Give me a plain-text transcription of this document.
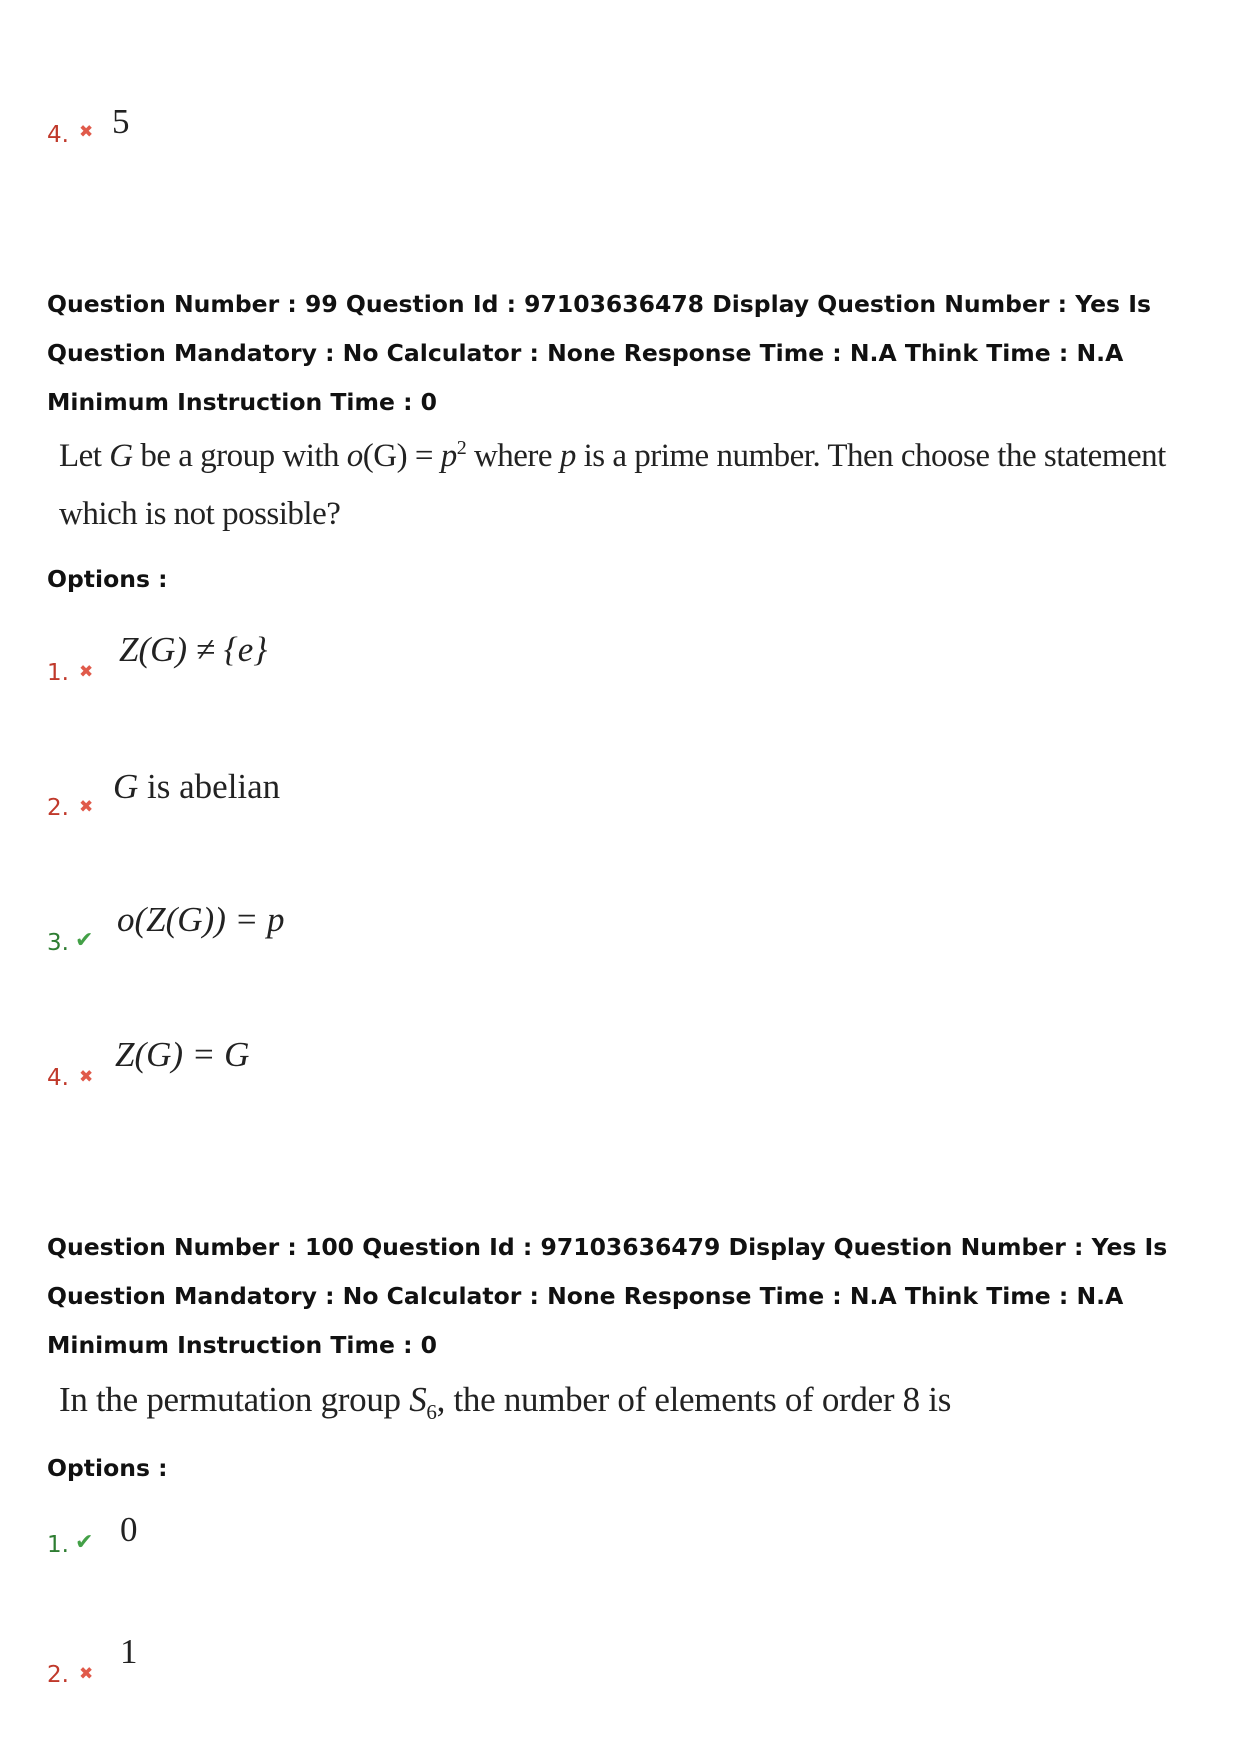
4. ✖ 5
Question Number : 99 Question Id : 97103636478 Display Question Number : Yes Is Question Mandatory : No Calculator : None Response Time : N.A Think Time : N.A Minimum Instruction Time : 0
Let G be a group with $o(G) = p^2$ where p is a prime number. Then choose the statement
which is not possible?
Options :
1. ✖
Z(G) ≠ {e}
2. ✖
G is abelian
3. ✔
o(Z(G)) = p
4. ✖
Z(G) = G
Question Number : 100 Question Id : 97103636479 Display Question Number : Yes Is Question Mandatory : No Calculator : None Response Time : N.A Think Time : N.A Minimum Instruction Time : 0
In the permutation group $S_6$, the number of elements of order 8 is
Options :
1. ✔ 0
2. ✖
1
